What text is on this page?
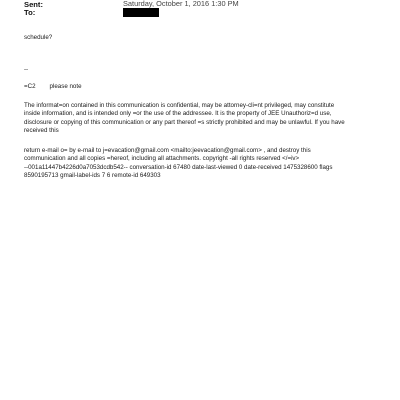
Sent:	Saturday, October 1, 2016 1:30 PM
To:
schedule?
--
=C2 please note
The informat=on contained in this communication is confidential, may be attorney-cli=nt privileged, may constitute
inside information, and is intended only =or the use of the addressee. It is the property of JEE Unauthoriz=d use,
disclosure or copying of this communication or any part thereof =s strictly prohibited and may be unlawful. If you have
received this
return e-mail o= by e-mail to j=evacation@gmail.com <mailto:jeevacation@gmail.com> , and destroy this
communication and all copies =hereof, including all attachments. copyright -all rights reserved </=iv>
--001a11447b4226d0a7053dcdb542-- conversation-id 67480 date-last-viewed 0 date-received 1475328600 flags
8590195713 gmail-label-ids 7 6 remote-id 649303
